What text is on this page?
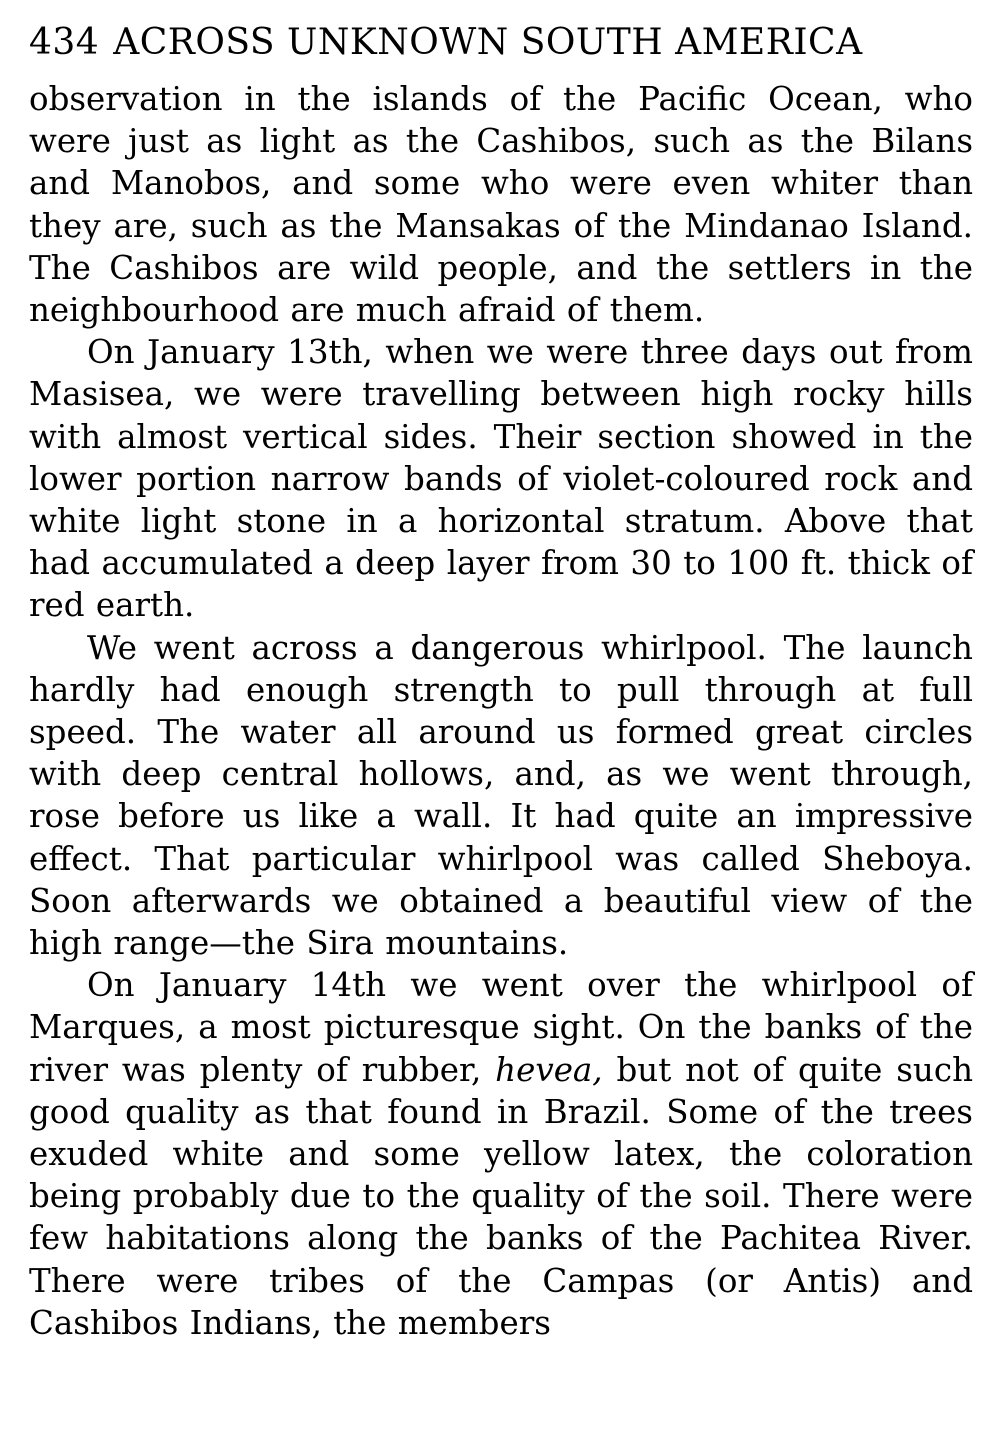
434 ACROSS UNKNOWN SOUTH AMERICA

observation in the islands of the Pacific Ocean, who were just as light as the Cashibos, such as the Bilans and Manobos, and some who were even whiter than they are, such as the Mansakas of the Mindanao Island. The Cashibos are wild people, and the settlers in the neighbourhood are much afraid of them.

On January 13th, when we were three days out from Masisea, we were travelling between high rocky hills with almost vertical sides. Their section showed in the lower portion narrow bands of violet-coloured rock and white light stone in a horizontal stratum. Above that had accumulated a deep layer from 30 to 100 ft. thick of red earth.

We went across a dangerous whirlpool. The launch hardly had enough strength to pull through at full speed. The water all around us formed great circles with deep central hollows, and, as we went through, rose before us like a wall. It had quite an impressive effect. That particular whirlpool was called Sheboya. Soon afterwards we obtained a beautiful view of the high range—the Sira mountains.

On January 14th we went over the whirlpool of Marques, a most picturesque sight. On the banks of the river was plenty of rubber, hevea, but not of quite such good quality as that found in Brazil. Some of the trees exuded white and some yellow latex, the coloration being probably due to the quality of the soil. There were few habitations along the banks of the Pachitea River. There were tribes of the Campas (or Antis) and Cashibos Indians, the members
